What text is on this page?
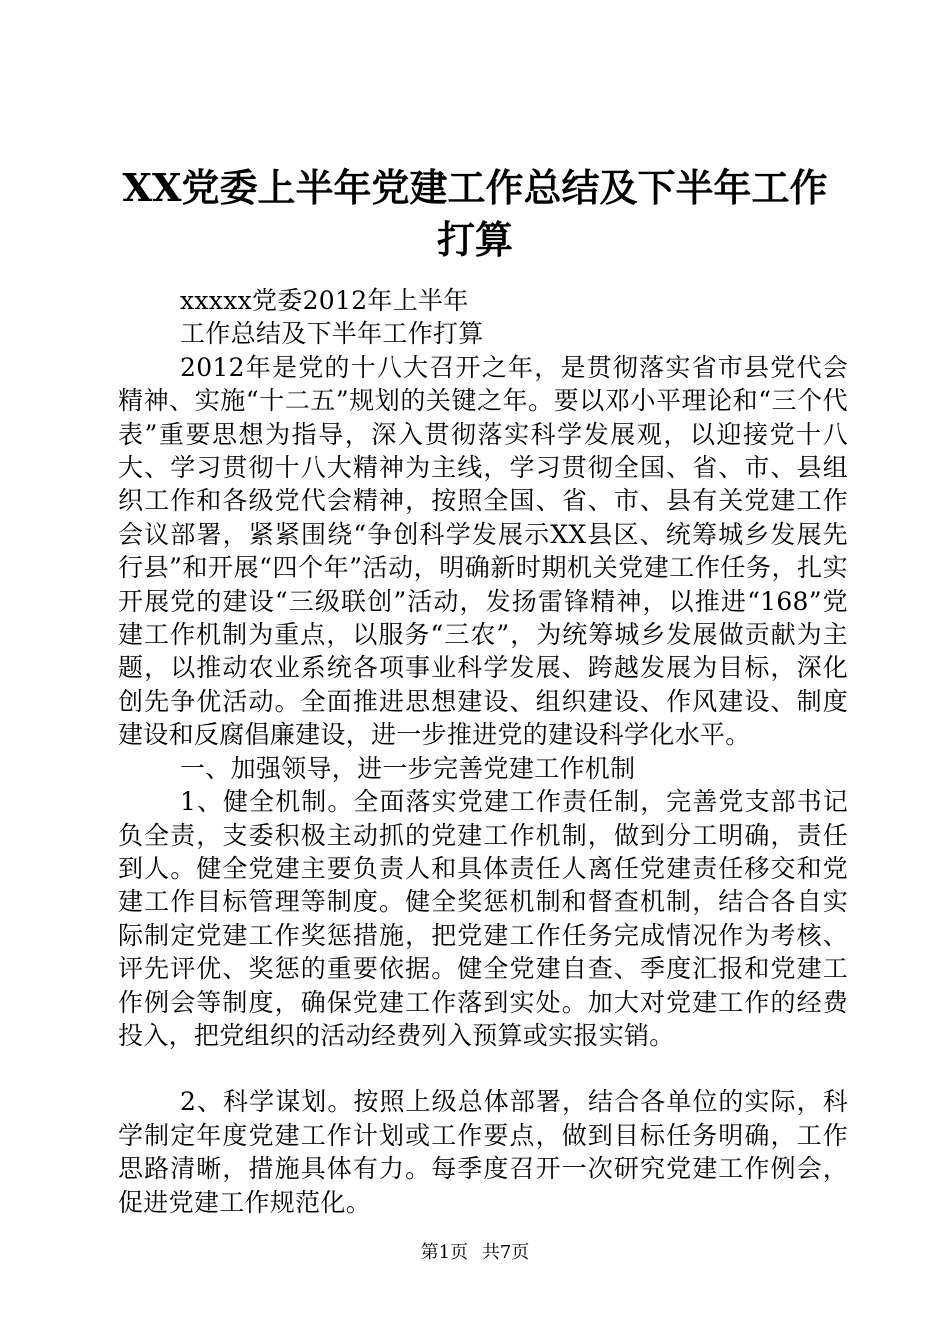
XX党委上半年党建工作总结及下半年工作打算

xxxxx党委2012年上半年

工作总结及下半年工作打算

2012年是党的十八大召开之年，是贯彻落实省市县党代会精神、实施“十二五”规划的关键之年。要以邓小平理论和“三个代表”重要思想为指导，深入贯彻落实科学发展观，以迎接党十八大、学习贯彻十八大精神为主线，学习贯彻全国、省、市、县组织工作和各级党代会精神，按照全国、省、市、县有关党建工作会议部署，紧紧围绕“争创科学发展示XX县区、统筹城乡发展先行县”和开展“四个年”活动，明确新时期机关党建工作任务，扎实开展党的建设“三级联创”活动，发扬雷锋精神，以推进“168”党建工作机制为重点，以服务“三农”，为统筹城乡发展做贡献为主题，以推动农业系统各项事业科学发展、跨越发展为目标，深化创先争优活动。全面推进思想建设、组织建设、作风建设、制度建设和反腐倡廉建设，进一步推进党的建设科学化水平。

一、加强领导，进一步完善党建工作机制

1、健全机制。全面落实党建工作责任制，完善党支部书记负全责，支委积极主动抓的党建工作机制，做到分工明确，责任到人。健全党建主要负责人和具体责任人离任党建责任移交和党建工作目标管理等制度。健全奖惩机制和督查机制，结合各自实际制定党建工作奖惩措施，把党建工作任务完成情况作为考核、评先评优、奖惩的重要依据。健全党建自查、季度汇报和党建工作例会等制度，确保党建工作落到实处。加大对党建工作的经费投入，把党组织的活动经费列入预算或实报实销。

2、科学谋划。按照上级总体部署，结合各单位的实际，科学制定年度党建工作计划或工作要点，做到目标任务明确，工作思路清晰，措施具体有力。每季度召开一次研究党建工作例会，促进党建工作规范化。

第1页 共7页
